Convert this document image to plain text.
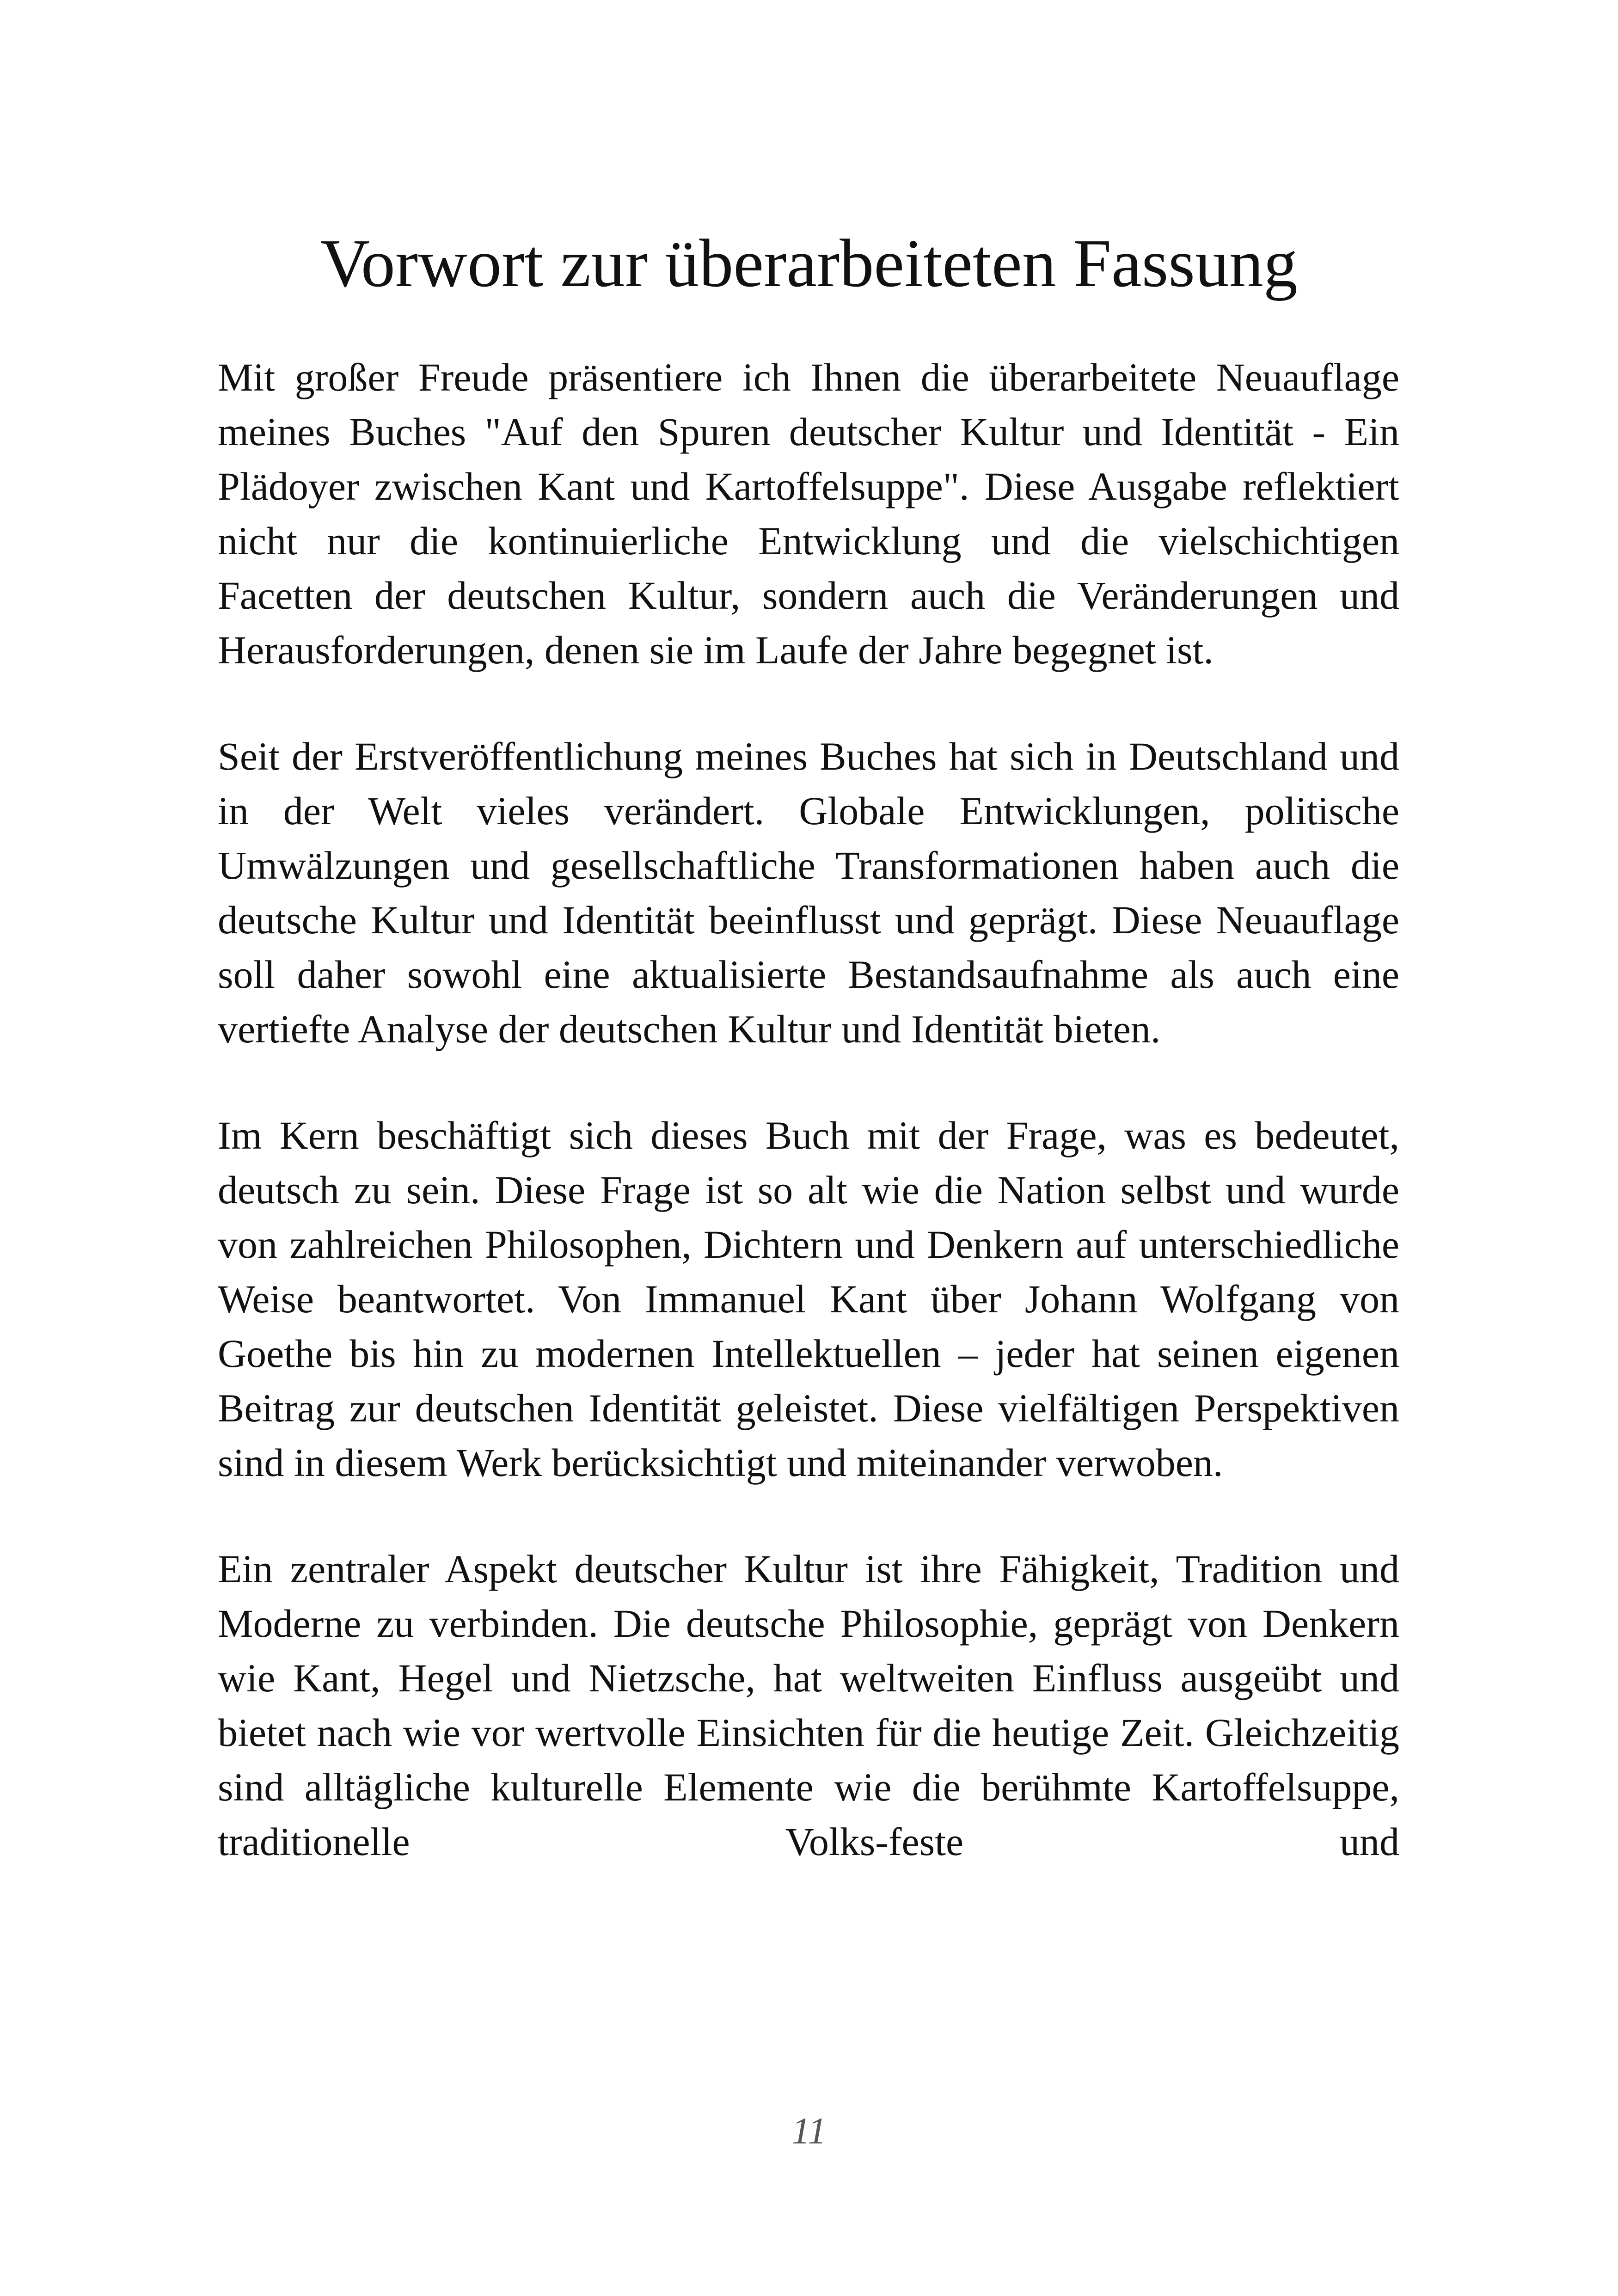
Vorwort zur überarbeiteten Fassung

Mit großer Freude präsentiere ich Ihnen die überarbeitete Neuauflage meines Buches "Auf den Spuren deutscher Kultur und Identität - Ein Plädoyer zwischen Kant und Kartoffelsuppe". Diese Ausgabe reflektiert nicht nur die kontinuierliche Entwicklung und die vielschichtigen Facetten der deutschen Kultur, sondern auch die Veränderungen und Herausforderungen, denen sie im Laufe der Jahre begegnet ist.

Seit der Erstveröffentlichung meines Buches hat sich in Deutschland und in der Welt vieles verändert. Globale Entwicklungen, politische Umwälzungen und gesellschaftliche Transformationen haben auch die deutsche Kultur und Identität beeinflusst und geprägt. Diese Neuauflage soll daher sowohl eine aktualisierte Bestandsaufnahme als auch eine vertiefte Analyse der deutschen Kultur und Identität bieten.

Im Kern beschäftigt sich dieses Buch mit der Frage, was es bedeutet, deutsch zu sein. Diese Frage ist so alt wie die Nation selbst und wurde von zahlreichen Philosophen, Dichtern und Denkern auf unterschiedliche Weise beantwortet. Von Immanuel Kant über Johann Wolfgang von Goethe bis hin zu modernen Intellektuellen – jeder hat seinen eigenen Beitrag zur deutschen Identität geleistet. Diese vielfältigen Perspektiven sind in diesem Werk berücksichtigt und miteinander verwoben.

Ein zentraler Aspekt deutscher Kultur ist ihre Fähigkeit, Tradition und Moderne zu verbinden. Die deutsche Philosophie, geprägt von Denkern wie Kant, Hegel und Nietzsche, hat weltweiten Einfluss ausgeübt und bietet nach wie vor wertvolle Einsichten für die heutige Zeit. Gleichzeitig sind alltägliche kulturelle Elemente wie die berühmte Kartoffelsuppe, traditionelle Volks-feste und

11
